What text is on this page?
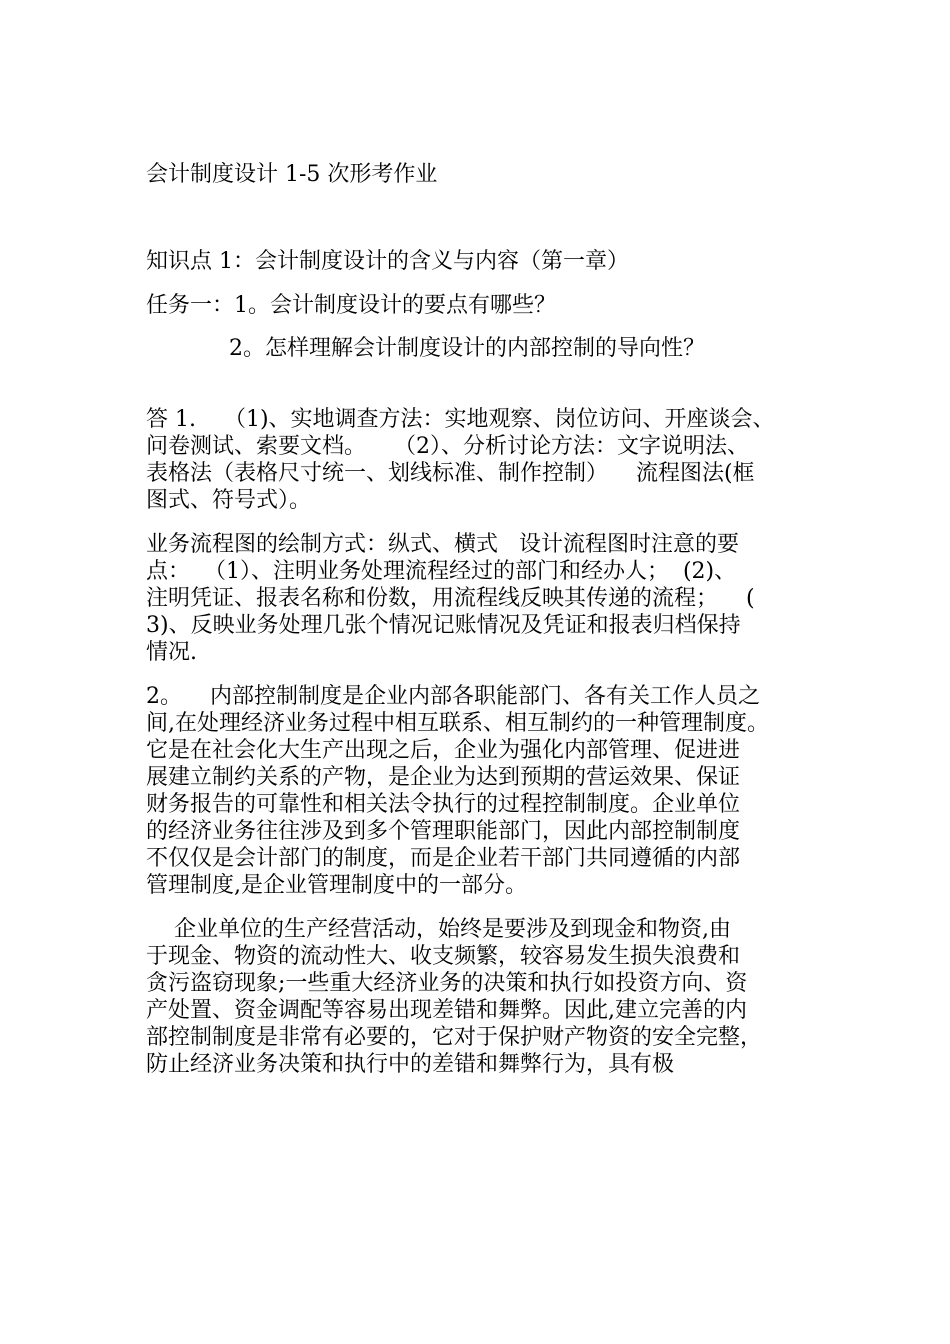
会计制度设计 1-5 次形考作业
知识点 1：会计制度设计的含义与内容（第一章）
任务一：1。会计制度设计的要点有哪些？
2。怎样理解会计制度设计的内部控制的导向性？
答 1.    （1)、实地调查方法：实地观察、岗位访问、开座谈会、
问卷测试、索要文档。    （2）、分析讨论方法：文字说明法、
表格法（表格尺寸统一、划线标准、制作控制）    流程图法(框
图式、符号式）。
业务流程图的绘制方式：纵式、横式   设计流程图时注意的要
点：  （1）、注明业务处理流程经过的部门和经办人；  (2)、
注明凭证、报表名称和份数，用流程线反映其传递的流程；    (
3)、反映业务处理几张个情况记账情况及凭证和报表归档保持
情况.
2。    内部控制制度是企业内部各职能部门、各有关工作人员之
间,在处理经济业务过程中相互联系、相互制约的一种管理制度。
它是在社会化大生产出现之后，企业为强化内部管理、促进进
展建立制约关系的产物，是企业为达到预期的营运效果、保证
财务报告的可靠性和相关法令执行的过程控制制度。企业单位
的经济业务往往涉及到多个管理职能部门，因此内部控制制度
不仅仅是会计部门的制度，而是企业若干部门共同遵循的内部
管理制度,是企业管理制度中的一部分。
企业单位的生产经营活动，始终是要涉及到现金和物资,由
于现金、物资的流动性大、收支频繁，较容易发生损失浪费和
贪污盗窃现象;一些重大经济业务的决策和执行如投资方向、资
产处置、资金调配等容易出现差错和舞弊。因此,建立完善的内
部控制制度是非常有必要的，它对于保护财产物资的安全完整，
防止经济业务决策和执行中的差错和舞弊行为，具有极
